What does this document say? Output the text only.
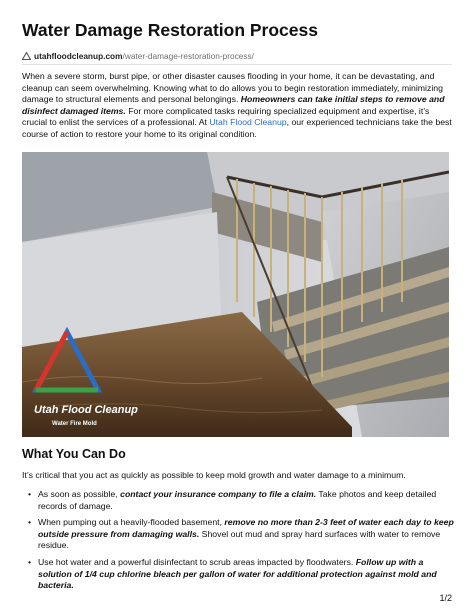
Water Damage Restoration Process
utahfloodcleanup.com/water-damage-restoration-process/

When a severe storm, burst pipe, or other disaster causes flooding in your home, it can be devastating, and cleanup can seem overwhelming. Knowing what to do allows you to begin restoration immediately, minimizing damage to structural elements and personal belongings. Homeowners can take initial steps to remove and disinfect damaged items. For more complicated tasks requiring specialized equipment and expertise, it’s crucial to enlist the services of a professional. At Utah Flood Cleanup, our experienced technicians take the best course of action to restore your home to its original condition.

Utah Flood Cleanup
Water Fire Mold
What You Can Do

It’s critical that you act as quickly as possible to keep mold growth and water damage to a minimum.

• As soon as possible, contact your insurance company to file a claim. Take photos and keep detailed records of damage.
• When pumping out a heavily-flooded basement, remove no more than 2-3 feet of water each day to keep outside pressure from damaging walls. Shovel out mud and spray hard surfaces with water to remove residue.
• Use hot water and a powerful disinfectant to scrub areas impacted by floodwaters. Follow up with a solution of 1/4 cup chlorine bleach per gallon of water for additional protection against mold and bacteria.
1/2
